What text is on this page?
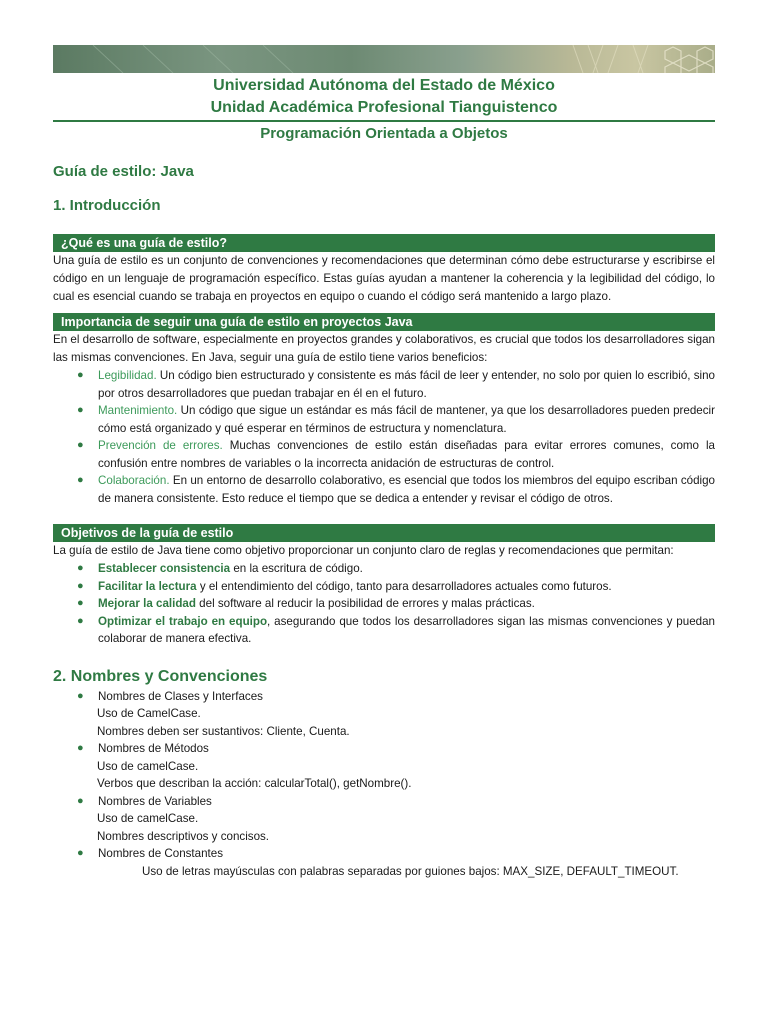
Universidad Autónoma del Estado de México
Unidad Académica Profesional Tianguistenco
Programación Orientada a Objetos
Guía de estilo: Java
1. Introducción
¿Qué es una guía de estilo?

Una guía de estilo es un conjunto de convenciones y recomendaciones que determinan cómo debe estructurarse y escribirse el código en un lenguaje de programación específico. Estas guías ayudan a mantener la coherencia y la legibilidad del código, lo cual es esencial cuando se trabaja en proyectos en equipo o cuando el código será mantenido a largo plazo.

Importancia de seguir una guía de estilo en proyectos Java

En el desarrollo de software, especialmente en proyectos grandes y colaborativos, es crucial que todos los desarrolladores sigan las mismas convenciones. En Java, seguir una guía de estilo tiene varios beneficios:

● Legibilidad. Un código bien estructurado y consistente es más fácil de leer y entender, no solo por quien lo escribió, sino por otros desarrolladores que puedan trabajar en él en el futuro.
● Mantenimiento. Un código que sigue un estándar es más fácil de mantener, ya que los desarrolladores pueden predecir cómo está organizado y qué esperar en términos de estructura y nomenclatura.
● Prevención de errores. Muchas convenciones de estilo están diseñadas para evitar errores comunes, como la confusión entre nombres de variables o la incorrecta anidación de estructuras de control.
● Colaboración. En un entorno de desarrollo colaborativo, es esencial que todos los miembros del equipo escriban código de manera consistente. Esto reduce el tiempo que se dedica a entender y revisar el código de otros.
Objetivos de la guía de estilo

La guía de estilo de Java tiene como objetivo proporcionar un conjunto claro de reglas y recomendaciones que permitan:

● Establecer consistencia en la escritura de código.
● Facilitar la lectura y el entendimiento del código, tanto para desarrolladores actuales como futuros.
● Mejorar la calidad del software al reducir la posibilidad de errores y malas prácticas.
● Optimizar el trabajo en equipo, asegurando que todos los desarrolladores sigan las mismas convenciones y puedan colaborar de manera efectiva.
2. Nombres y Convenciones
● Nombres de Clases y Interfaces
Uso de CamelCase.
Nombres deben ser sustantivos: Cliente, Cuenta.
● Nombres de Métodos
Uso de camelCase.
Verbos que describan la acción: calcularTotal(), getNombre().
● Nombres de Variables
Uso de camelCase.
Nombres descriptivos y concisos.
● Nombres de Constantes
Uso de letras mayúsculas con palabras separadas por guiones bajos: MAX_SIZE, DEFAULT_TIMEOUT.
